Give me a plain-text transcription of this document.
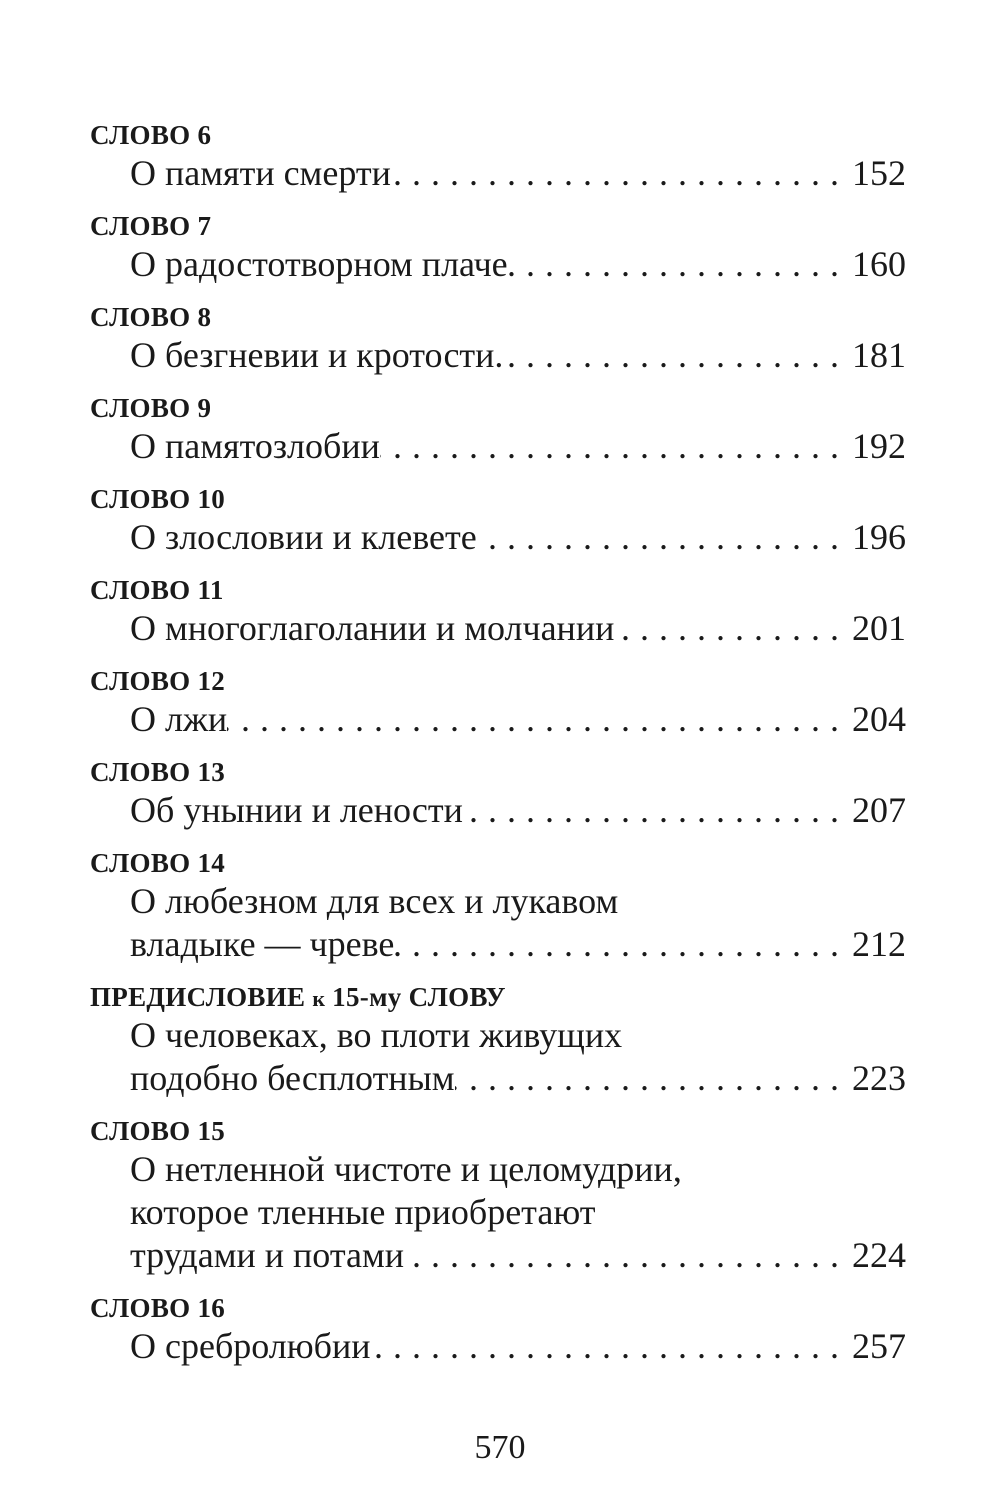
СЛОВО 6
О памяти смерти . .	152
СЛОВО 7
О радостотворном плаче . .	160
СЛОВО 8
О безгневии и кротости. . .	181
СЛОВО 9
О памятозлобии . .	192
СЛОВО 10
О злословии и клевете . .	196
СЛОВО 11
О многоглаголании и молчании . .	201
СЛОВО 12
О лжи . .	204
СЛОВО 13
Об унынии и лености . .	207
СЛОВО 14
О любезном для всех и лукавом
владыке — чреве . .	212
ПРЕДИСЛОВИЕ к 15-му СЛОВУ
О человеках, во плоти живущих
подобно бесплотным . .	223
СЛОВО 15
О нетленной чистоте и целомудрии,
которое тленные приобретают
трудами и потами . .	224
СЛОВО 16
О сребролюбии . .	257
570
